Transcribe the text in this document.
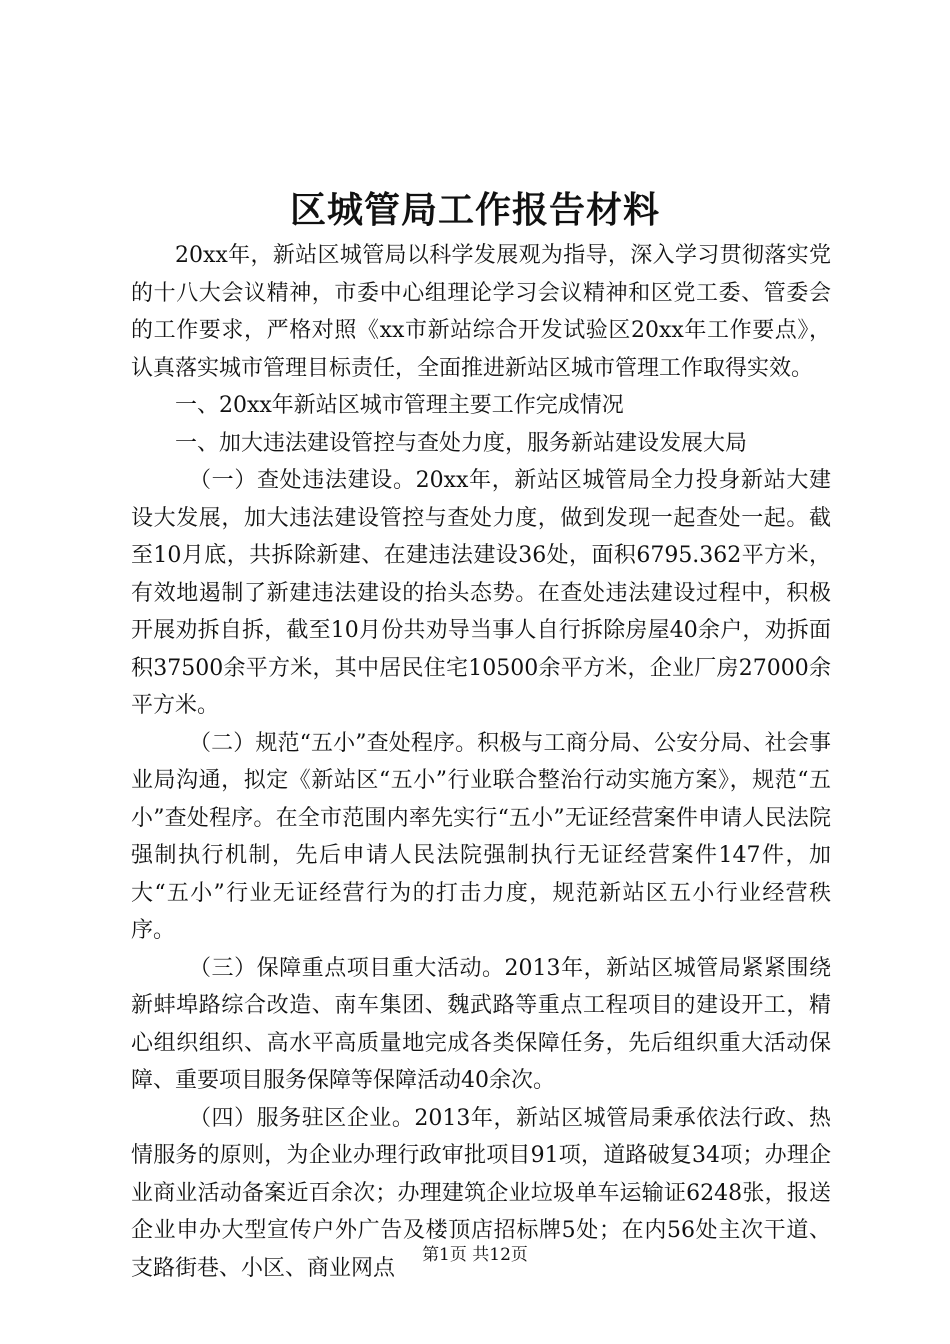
区城管局工作报告材料

20xx年，新站区城管局以科学发展观为指导，深入学习贯彻落实党的十八大会议精神，市委中心组理论学习会议精神和区党工委、管委会的工作要求，严格对照《xx市新站综合开发试验区20xx年工作要点》，认真落实城市管理目标责任，全面推进新站区城市管理工作取得实效。

一、20xx年新站区城市管理主要工作完成情况

一、加大违法建设管控与查处力度，服务新站建设发展大局

（一）查处违法建设。20xx年，新站区城管局全力投身新站大建设大发展，加大违法建设管控与查处力度，做到发现一起查处一起。截至10月底，共拆除新建、在建违法建设36处，面积6795.362平方米，有效地遏制了新建违法建设的抬头态势。在查处违法建设过程中，积极开展劝拆自拆，截至10月份共劝导当事人自行拆除房屋40余户，劝拆面积37500余平方米，其中居民住宅10500余平方米，企业厂房27000余平方米。

（二）规范“五小”查处程序。积极与工商分局、公安分局、社会事业局沟通，拟定《新站区“五小”行业联合整治行动实施方案》，规范“五小”查处程序。在全市范围内率先实行“五小”无证经营案件申请人民法院强制执行机制，先后申请人民法院强制执行无证经营案件147件，加大“五小”行业无证经营行为的打击力度，规范新站区五小行业经营秩序。

（三）保障重点项目重大活动。2013年，新站区城管局紧紧围绕新蚌埠路综合改造、南车集团、魏武路等重点工程项目的建设开工，精心组织组织、高水平高质量地完成各类保障任务，先后组织重大活动保障、重要项目服务保障等保障活动40余次。

（四）服务驻区企业。2013年，新站区城管局秉承依法行政、热情服务的原则，为企业办理行政审批项目91项，道路破复34项；办理企业商业活动备案近百余次；办理建筑企业垃圾单车运输证6248张，报送企业申办大型宣传户外广告及楼顶店招标牌5处；在内56处主次干道、支路街巷、小区、商业网点

第1页 共12页
